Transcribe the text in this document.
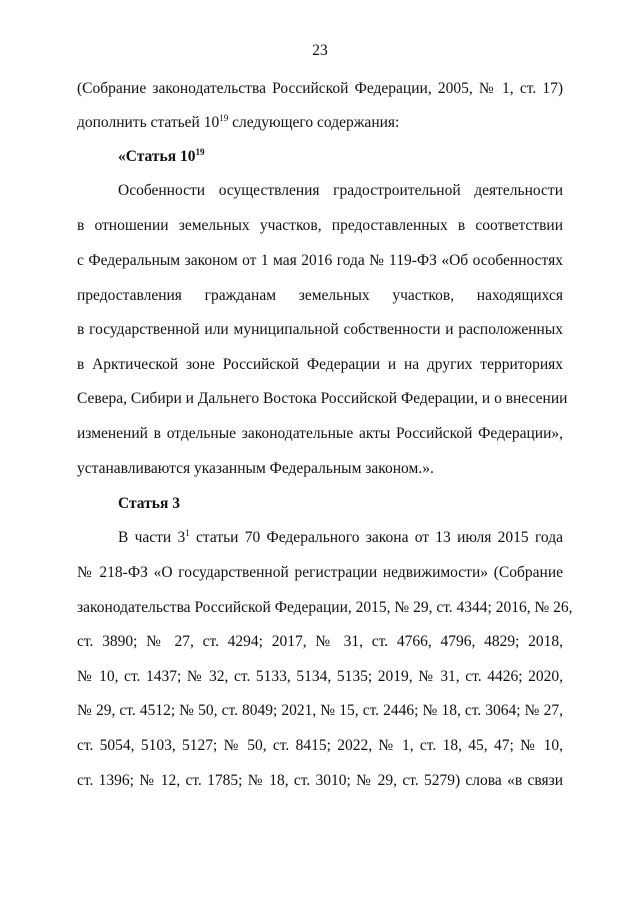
23
(Собрание законодательства Российской Федерации, 2005, № 1, ст. 17)
дополнить статьей $10^{19}$ следующего содержания:
«Статья $10^{19}$
Особенности осуществления градостроительной деятельности
в отношении земельных участков, предоставленных в соответствии
с Федеральным законом от 1 мая 2016 года № 119-ФЗ «Об особенностях
предоставления гражданам земельных участков, находящихся
в государственной или муниципальной собственности и расположенных
в Арктической зоне Российской Федерации и на других территориях
Севера, Сибири и Дальнего Востока Российской Федерации, и о внесении
изменений в отдельные законодательные акты Российской Федерации»,
устанавливаются указанным Федеральным законом.».
Статья 3
В части $3^1$ статьи 70 Федерального закона от 13 июля 2015 года
№ 218-ФЗ «О государственной регистрации недвижимости» (Собрание
законодательства Российской Федерации, 2015, № 29, ст. 4344; 2016, № 26,
ст. 3890; № 27, ст. 4294; 2017, № 31, ст. 4766, 4796, 4829; 2018,
№ 10, ст. 1437; № 32, ст. 5133, 5134, 5135; 2019, № 31, ст. 4426; 2020,
№ 29, ст. 4512; № 50, ст. 8049; 2021, № 15, ст. 2446; № 18, ст. 3064; № 27,
ст. 5054, 5103, 5127; № 50, ст. 8415; 2022, № 1, ст. 18, 45, 47; № 10,
ст. 1396; № 12, ст. 1785; № 18, ст. 3010; № 29, ст. 5279) слова «в связи
